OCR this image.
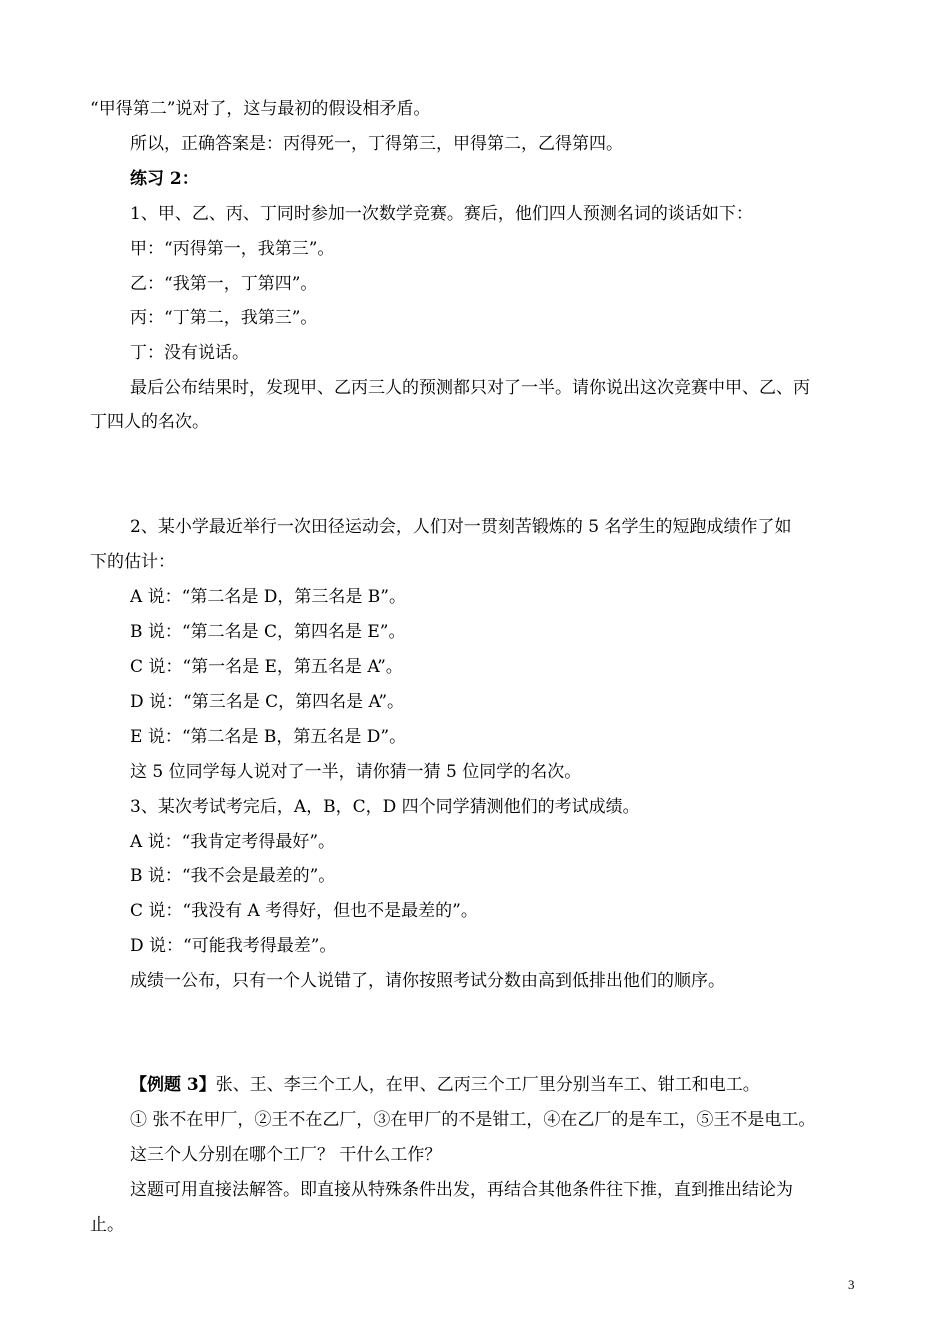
“甲得第二”说对了，这与最初的假设相矛盾。
所以，正确答案是：丙得死一，丁得第三，甲得第二，乙得第四。
练习 2：
1、甲、乙、丙、丁同时参加一次数学竞赛。赛后，他们四人预测名词的谈话如下：
甲：“丙得第一，我第三”。
乙：“我第一，丁第四”。
丙：“丁第二，我第三”。
丁：没有说话。
最后公布结果时，发现甲、乙丙三人的预测都只对了一半。请你说出这次竞赛中甲、乙、丙
丁四人的名次。
2、某小学最近举行一次田径运动会，人们对一贯刻苦锻炼的 5 名学生的短跑成绩作了如
下的估计：
A 说：“第二名是 D，第三名是 B”。
B 说：“第二名是 C，第四名是 E”。
C 说：“第一名是 E，第五名是 A”。
D 说：“第三名是 C，第四名是 A”。
E 说：“第二名是 B，第五名是 D”。
这 5 位同学每人说对了一半，请你猜一猜 5 位同学的名次。
3、某次考试考完后，A，B，C，D 四个同学猜测他们的考试成绩。
A 说：“我肯定考得最好”。
B 说：“我不会是最差的”。
C 说：“我没有 A 考得好，但也不是最差的”。
D 说：“可能我考得最差”。
成绩一公布，只有一个人说错了，请你按照考试分数由高到低排出他们的顺序。
【例题 3】张、王、李三个工人，在甲、乙丙三个工厂里分别当车工、钳工和电工。
① 张不在甲厂，②王不在乙厂，③在甲厂的不是钳工，④在乙厂的是车工，⑤王不是电工。
这三个人分别在哪个工厂？ 干什么工作？
这题可用直接法解答。即直接从特殊条件出发，再结合其他条件往下推，直到推出结论为
止。
3
